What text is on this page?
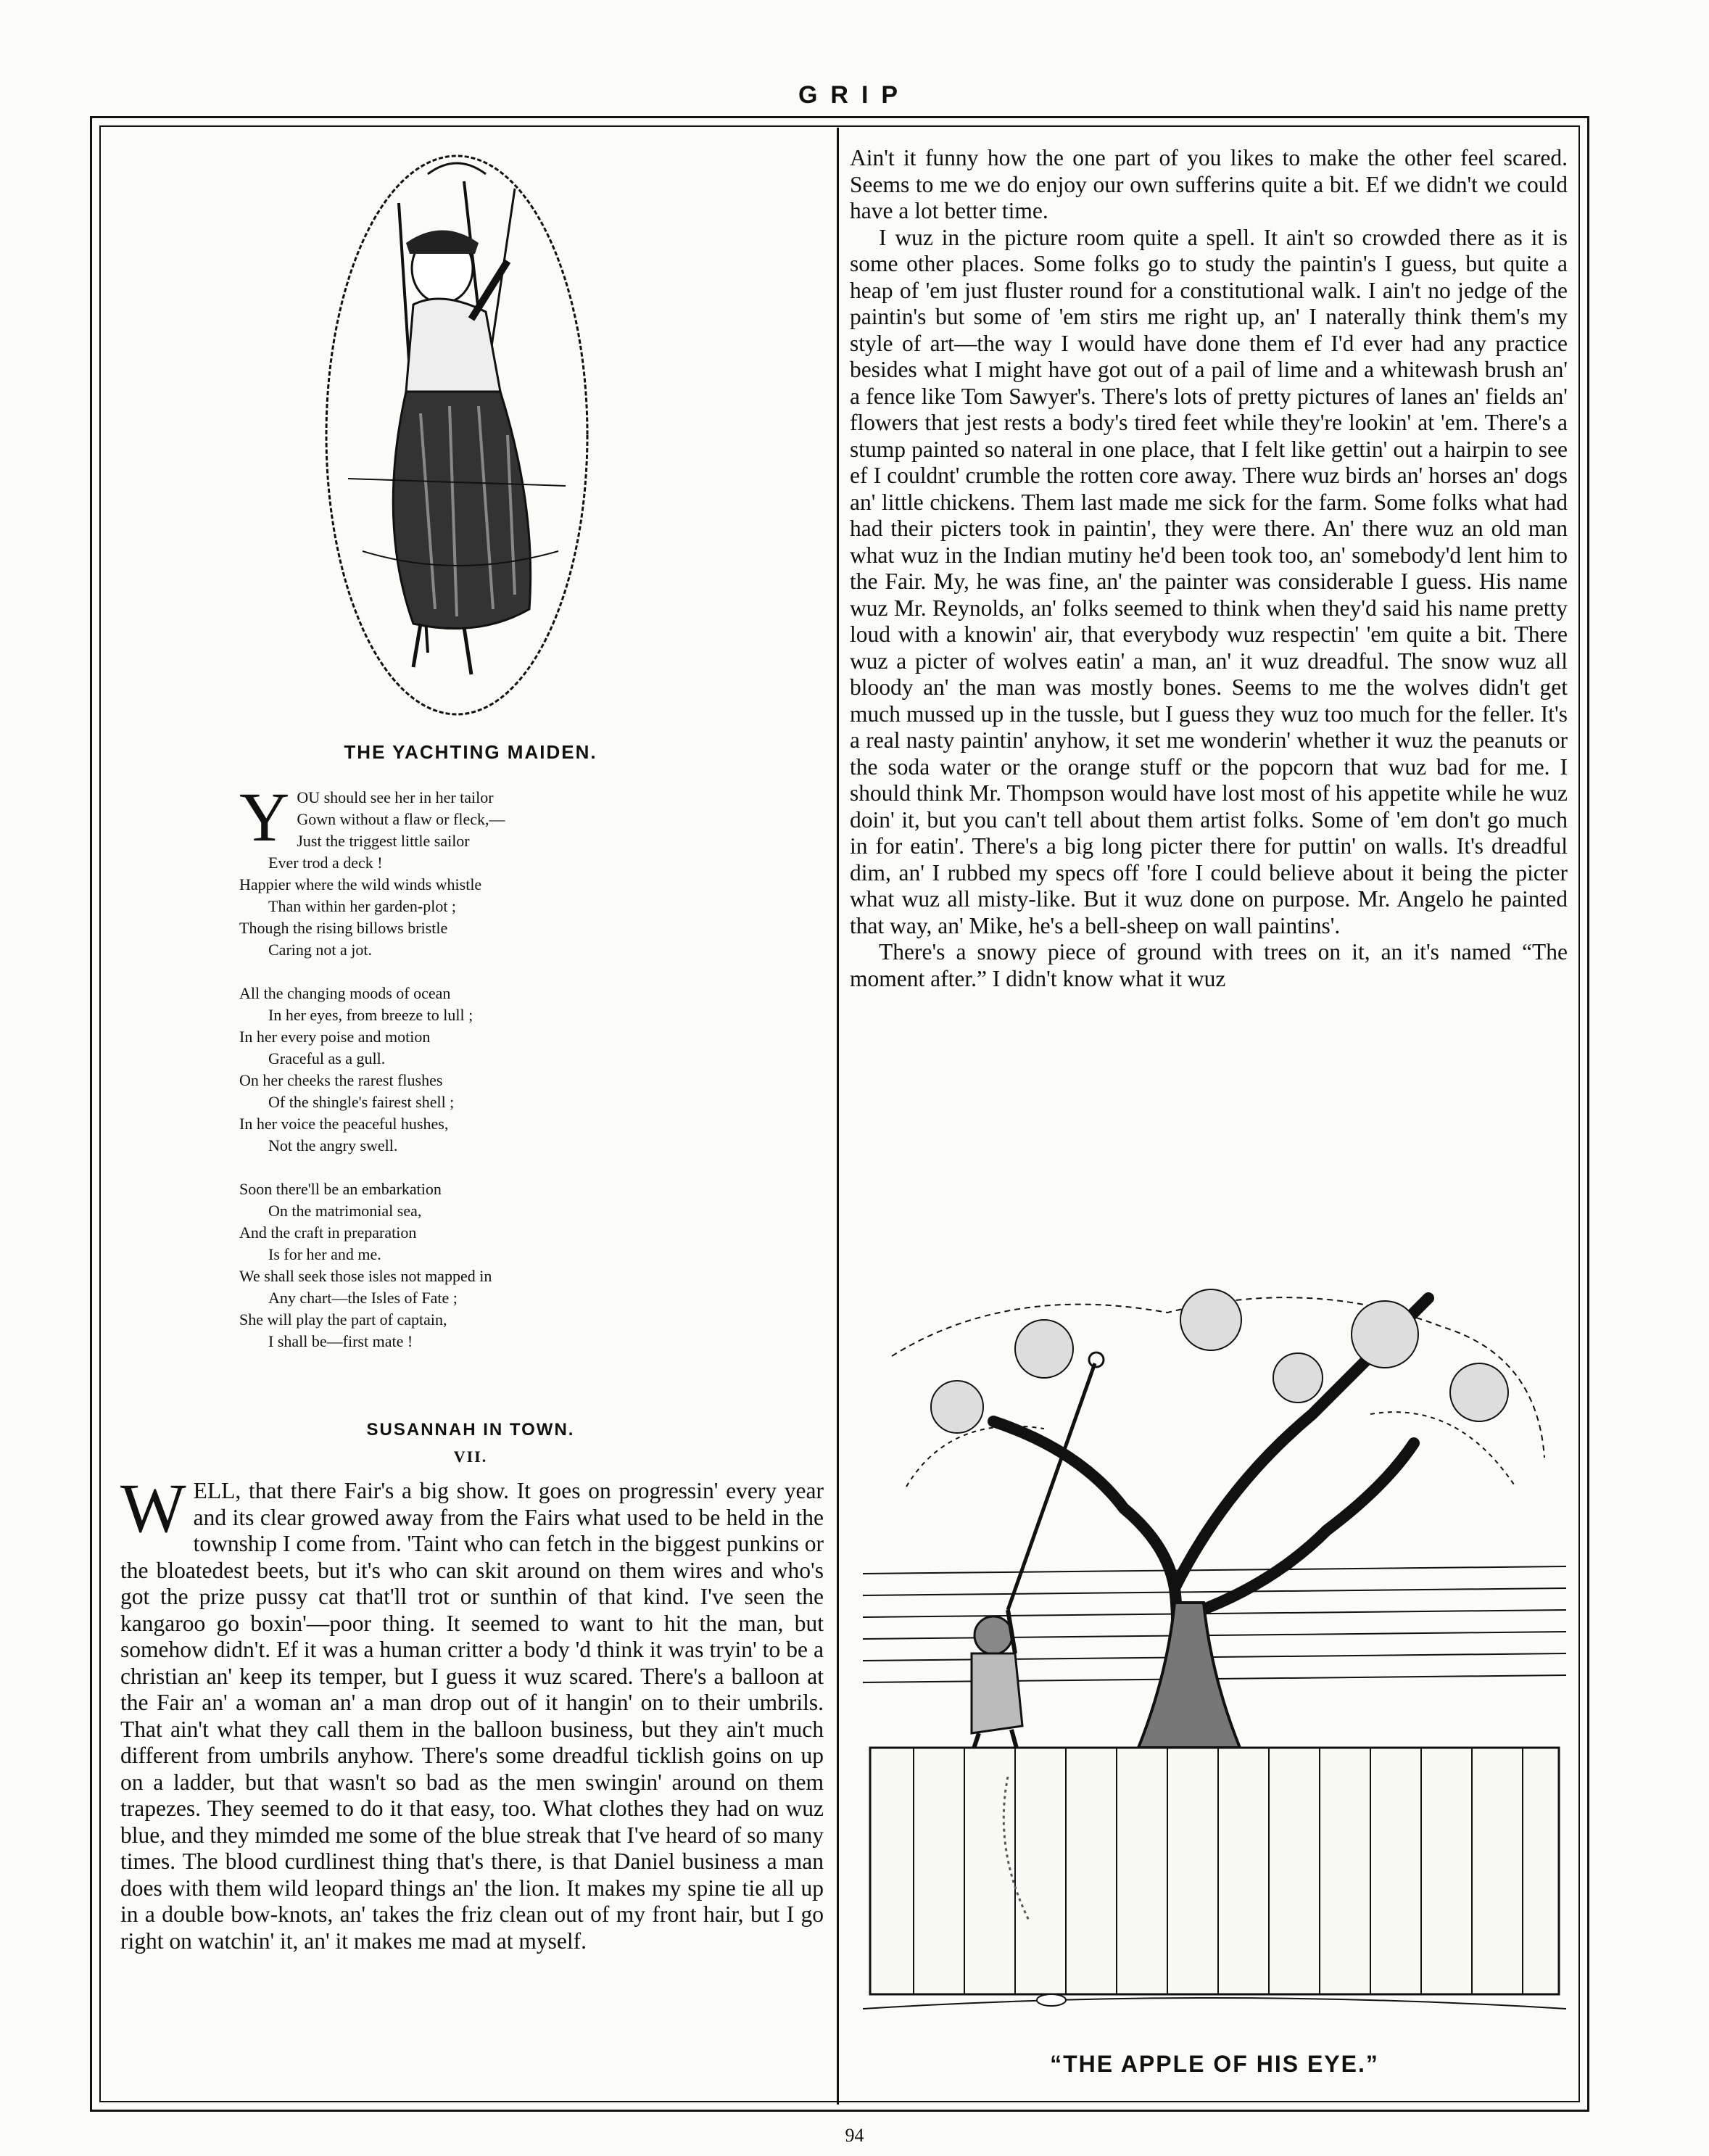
GRIP
THE YACHTING MAIDEN.
Y OU should see her in her tailor
Gown without a flaw or fleck,—
Just the triggest little sailor
Ever trod a deck !
Happier where the wild winds whistle
Than within her garden-plot ;
Though the rising billows bristle
Caring not a jot.
All the changing moods of ocean
In her eyes, from breeze to lull ;
In her every poise and motion
Graceful as a gull.
On her cheeks the rarest flushes
Of the shingle's fairest shell ;
In her voice the peaceful hushes,
Not the angry swell.
Soon there'll be an embarkation
On the matrimonial sea,
And the craft in preparation
Is for her and me.
We shall seek those isles not mapped in
Any chart—the Isles of Fate ;
She will play the part of captain,
I shall be—first mate !
SUSANNAH IN TOWN.
VII.

WELL, that there Fair's a big show. It goes on progressin' every year and its clear growed away from the Fairs what used to be held in the township I come from. 'Taint who can fetch in the biggest punkins or the bloatedest beets, but it's who can skit around on them wires and who's got the prize pussy cat that'll trot or sunthin of that kind. I've seen the kangaroo go boxin'—poor thing. It seemed to want to hit the man, but somehow didn't. Ef it was a human critter a body 'd think it was tryin' to be a christian an' keep its temper, but I guess it wuz scared. There's a balloon at the Fair an' a woman an' a man drop out of it hangin' on to their umbrils. That ain't what they call them in the balloon business, but they ain't much different from umbrils anyhow. There's some dreadful ticklish goins on up on a ladder, but that wasn't so bad as the men swingin' around on them trapezes. They seemed to do it that easy, too. What clothes they had on wuz blue, and they mimded me some of the blue streak that I've heard of so many times. The blood curdlinest thing that's there, is that Daniel business a man does with them wild leopard things an' the lion. It makes my spine tie all up in a double bow-knots, an' takes the friz clean out of my front hair, but I go right on watchin' it, an' it makes me mad at myself.

Ain't it funny how the one part of you likes to make the other feel scared. Seems to me we do enjoy our own sufferins quite a bit. Ef we didn't we could have a lot better time.

I wuz in the picture room quite a spell. It ain't so crowded there as it is some other places. Some folks go to study the paintin's I guess, but quite a heap of 'em just fluster round for a constitutional walk. I ain't no jedge of the paintin's but some of 'em stirs me right up, an' I naterally think them's my style of art—the way I would have done them ef I'd ever had any practice besides what I might have got out of a pail of lime and a whitewash brush an' a fence like Tom Sawyer's. There's lots of pretty pictures of lanes an' fields an' flowers that jest rests a body's tired feet while they're lookin' at 'em. There's a stump painted so nateral in one place, that I felt like gettin' out a hairpin to see ef I couldnt' crumble the rotten core away. There wuz birds an' horses an' dogs an' little chickens. Them last made me sick for the farm. Some folks what had had their picters took in paintin', they were there. An' there wuz an old man what wuz in the Indian mutiny he'd been took too, an' somebody'd lent him to the Fair. My, he was fine, an' the painter was considerable I guess. His name wuz Mr. Reynolds, an' folks seemed to think when they'd said his name pretty loud with a knowin' air, that everybody wuz respectin' 'em quite a bit. There wuz a picter of wolves eatin' a man, an' it wuz dreadful. The snow wuz all bloody an' the man was mostly bones. Seems to me the wolves didn't get much mussed up in the tussle, but I guess they wuz too much for the feller. It's a real nasty paintin' anyhow, it set me wonderin' whether it wuz the peanuts or the soda water or the orange stuff or the popcorn that wuz bad for me. I should think Mr. Thompson would have lost most of his appetite while he wuz doin' it, but you can't tell about them artist folks. Some of 'em don't go much in for eatin'. There's a big long picter there for puttin' on walls. It's dreadful dim, an' I rubbed my specs off 'fore I could believe about it being the picter what wuz all misty-like. But it wuz done on purpose. Mr. Angelo he painted that way, an' Mike, he's a bell-sheep on wall paintins'.

There's a snowy piece of ground with trees on it, an it's named “The moment after.” I didn't know what it wuz

“THE APPLE OF HIS EYE.”
94
